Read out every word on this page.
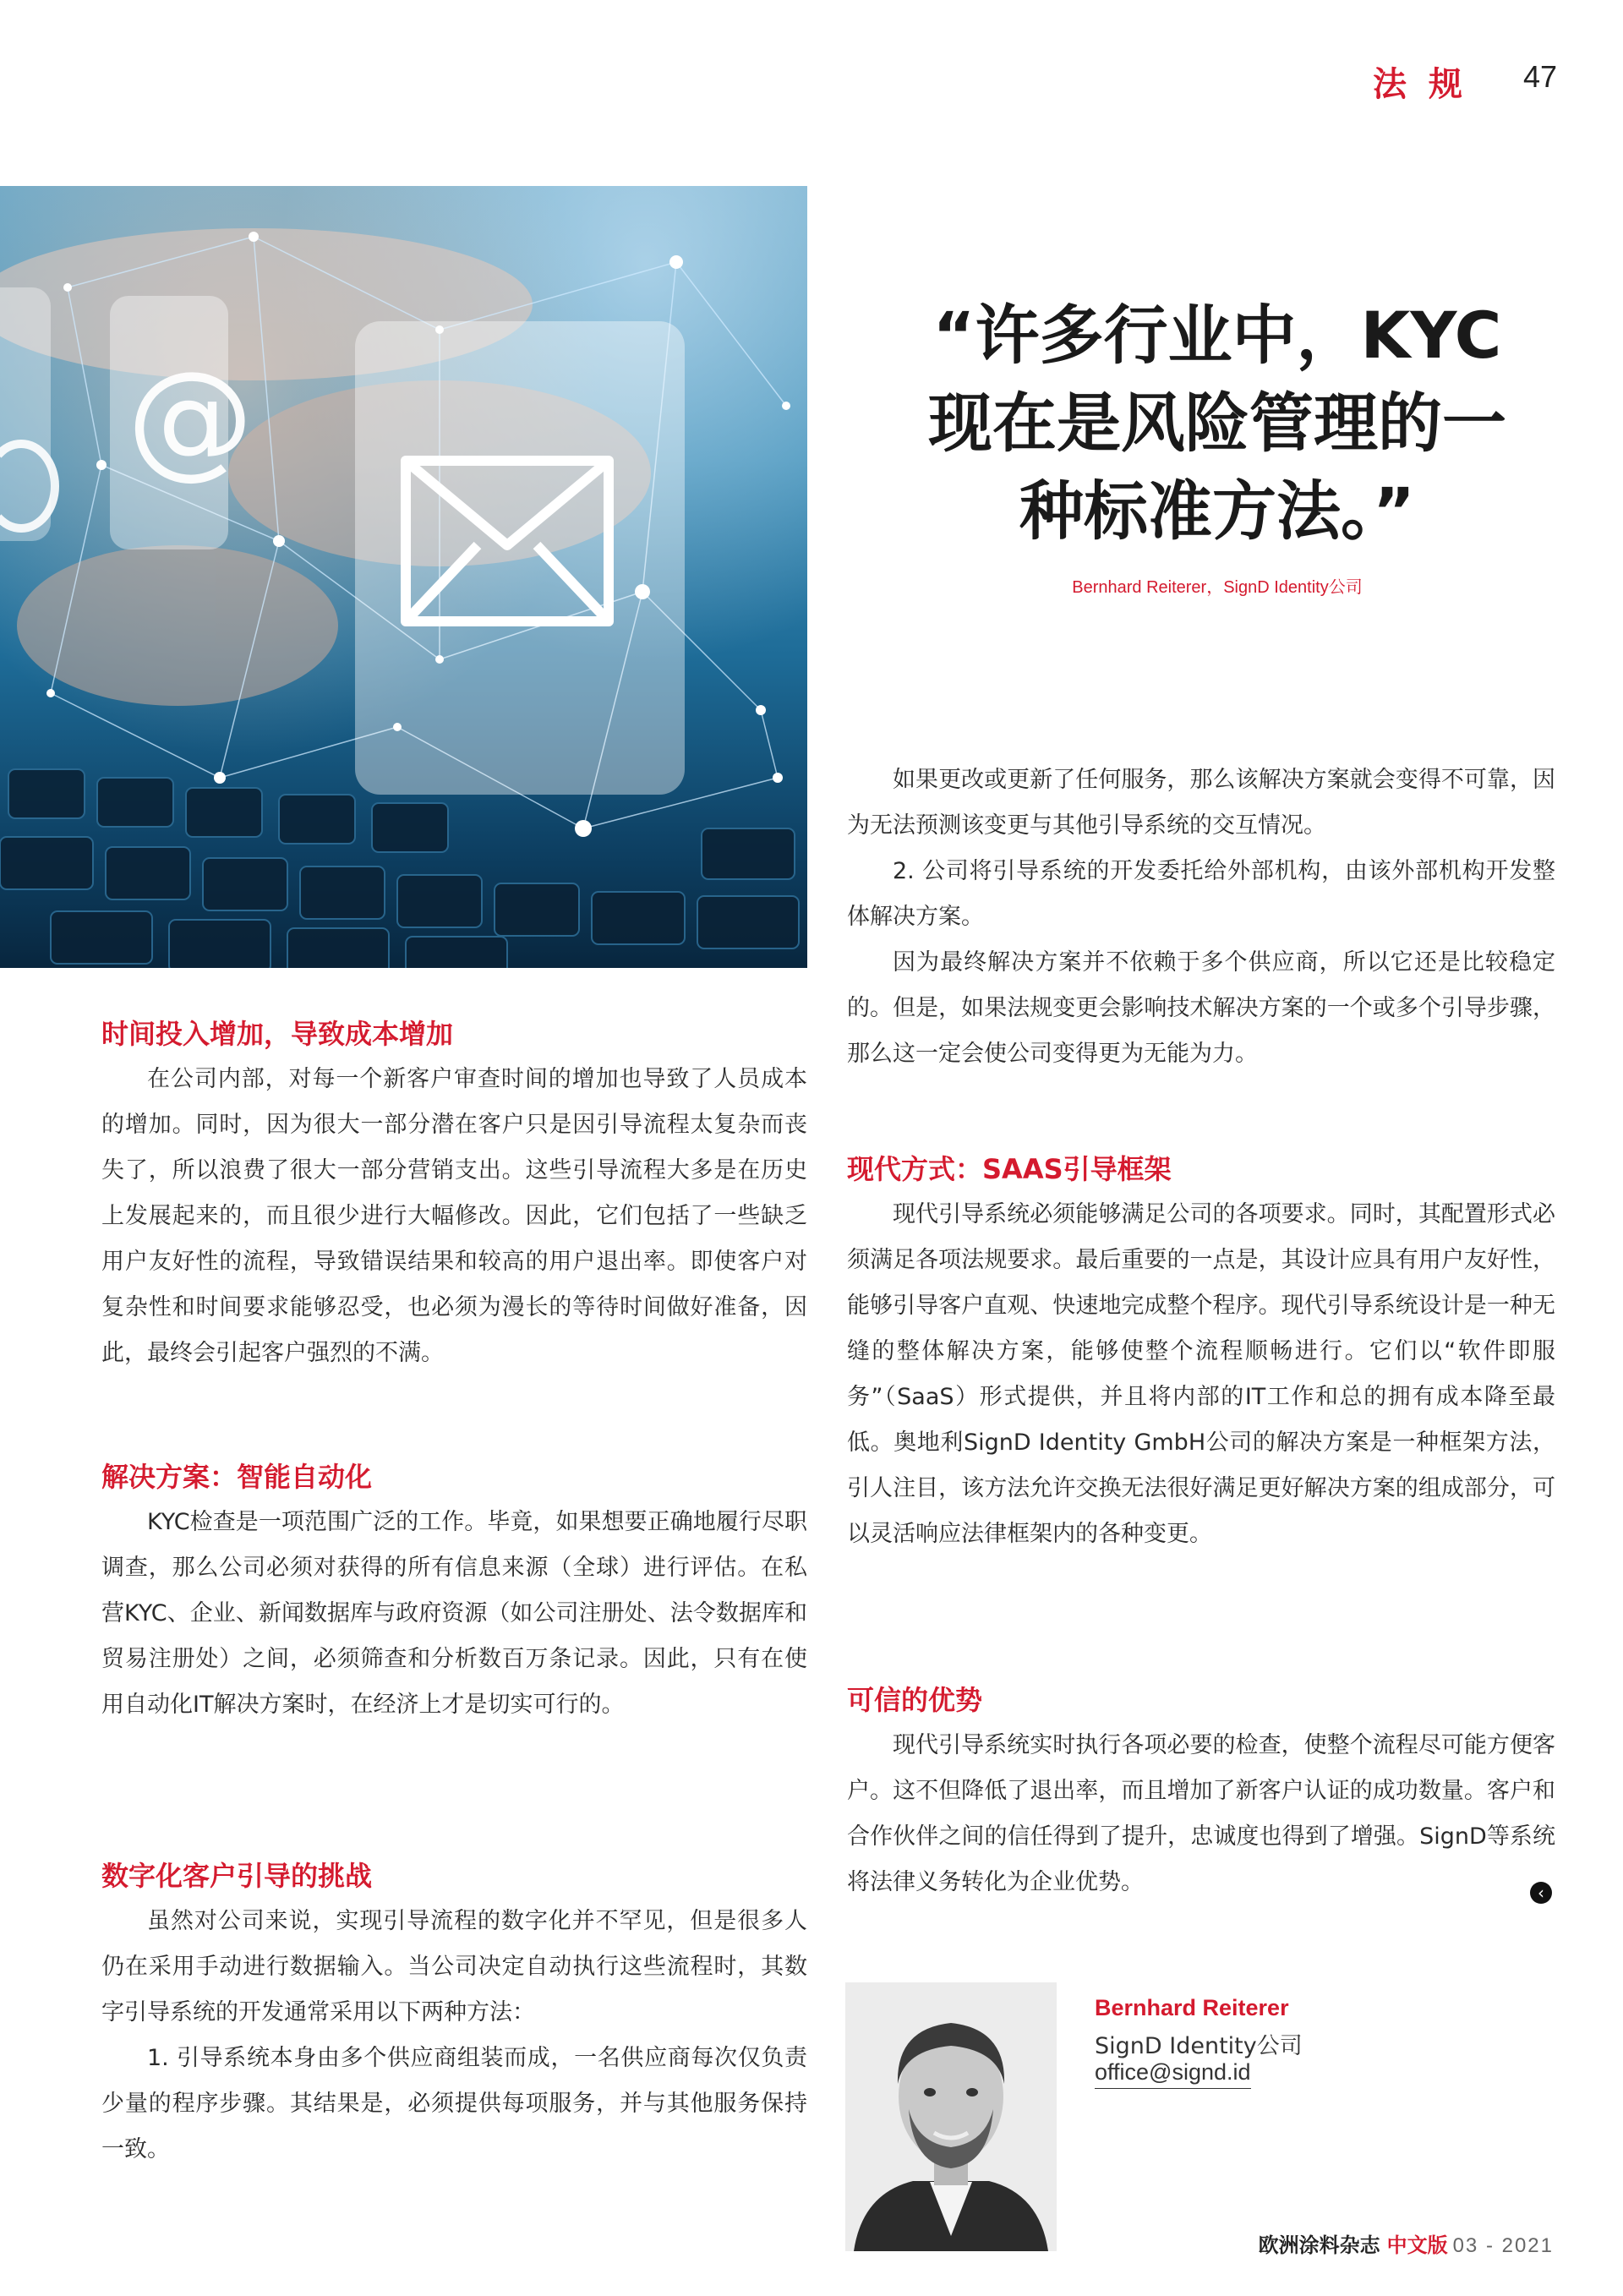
法规 47
@
“许多行业中，KYC
现在是风险管理的一
种标准方法。”
Bernhard Reiterer，SignD Identity公司
时间投入增加，导致成本增加

在公司内部，对每一个新客户审查时间的增加也导致了人员成本的增加。同时，因为很大一部分潜在客户只是因引导流程太复杂而丧失了，所以浪费了很大一部分营销支出。这些引导流程大多是在历史上发展起来的，而且很少进行大幅修改。因此，它们包括了一些缺乏用户友好性的流程，导致错误结果和较高的用户退出率。即使客户对复杂性和时间要求能够忍受，也必须为漫长的等待时间做好准备，因此，最终会引起客户强烈的不满。

解决方案：智能自动化

KYC检查是一项范围广泛的工作。毕竟，如果想要正确地履行尽职调查，那么公司必须对获得的所有信息来源（全球）进行评估。在私营KYC、企业、新闻数据库与政府资源（如公司注册处、法令数据库和贸易注册处）之间，必须筛查和分析数百万条记录。因此，只有在使用自动化IT解决方案时，在经济上才是切实可行的。

数字化客户引导的挑战

虽然对公司来说，实现引导流程的数字化并不罕见，但是很多人仍在采用手动进行数据输入。当公司决定自动执行这些流程时，其数字引导系统的开发通常采用以下两种方法：

1. 引导系统本身由多个供应商组装而成，一名供应商每次仅负责少量的程序步骤。其结果是，必须提供每项服务，并与其他服务保持一致。

如果更改或更新了任何服务，那么该解决方案就会变得不可靠，因为无法预测该变更与其他引导系统的交互情况。

2. 公司将引导系统的开发委托给外部机构，由该外部机构开发整体解决方案。

因为最终解决方案并不依赖于多个供应商，所以它还是比较稳定的。但是，如果法规变更会影响技术解决方案的一个或多个引导步骤，那么这一定会使公司变得更为无能为力。

现代方式：SAAS引导框架

现代引导系统必须能够满足公司的各项要求。同时，其配置形式必须满足各项法规要求。最后重要的一点是，其设计应具有用户友好性，能够引导客户直观、快速地完成整个程序。现代引导系统设计是一种无缝的整体解决方案，能够使整个流程顺畅进行。它们以“软件即服务”（SaaS）形式提供，并且将内部的IT工作和总的拥有成本降至最低。奥地利SignD Identity GmbH公司的解决方案是一种框架方法，引人注目，该方法允许交换无法很好满足更好解决方案的组成部分，可以灵活响应法律框架内的各种变更。

可信的优势

现代引导系统实时执行各项必要的检查，使整个流程尽可能方便客户。这不但降低了退出率，而且增加了新客户认证的成功数量。客户和合作伙伴之间的信任得到了提升，忠诚度也得到了增强。SignD等系统将法律义务转化为企业优势。	‹
Bernhard Reiterer
SignD Identity公司
office@signd.id
欧洲涂料杂志 中文版 03 - 2021
